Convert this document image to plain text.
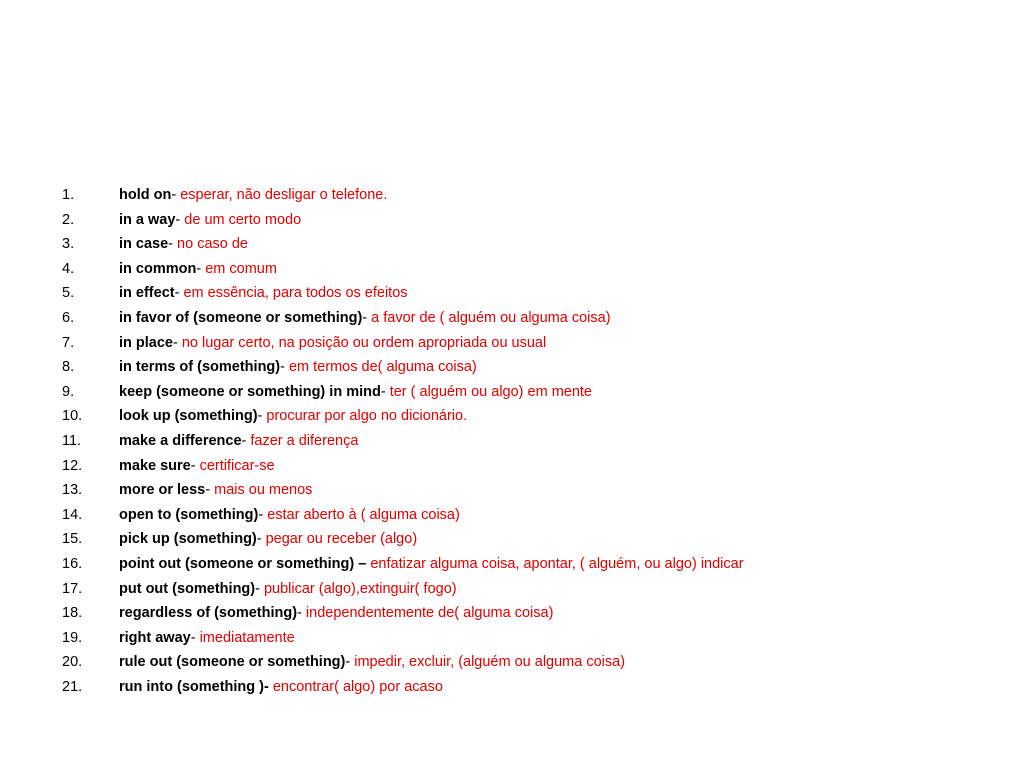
1.	hold on- esperar, não desligar o telefone.
2.	in a way- de um certo modo
3.	in case- no caso de
4.	in common- em comum
5.	in effect- em essência, para todos os efeitos
6.	in favor of (someone or something)- a favor de ( alguém ou alguma coisa)
7.	in place- no lugar certo, na posição ou ordem apropriada ou usual
8.	in terms of (something)- em termos de( alguma coisa)
9.	keep (someone or something) in mind- ter ( alguém ou algo) em mente
10.	look up (something)- procurar por algo no dicionário.
11.	make a difference- fazer a diferença
12.	make sure- certificar-se
13.	more or less- mais ou menos
14.	open to (something)- estar aberto à ( alguma coisa)
15.	pick up (something)- pegar ou receber (algo)
16.	point out (someone or something) – enfatizar alguma coisa, apontar, ( alguém, ou algo) indicar
17.	put out (something)- publicar (algo),extinguir( fogo)
18.	regardless of (something)- independentemente de( alguma coisa)
19.	right away- imediatamente
20.	rule out (someone or something)- impedir, excluir, (alguém ou alguma coisa)
21.	run into (something )- encontrar( algo) por acaso
